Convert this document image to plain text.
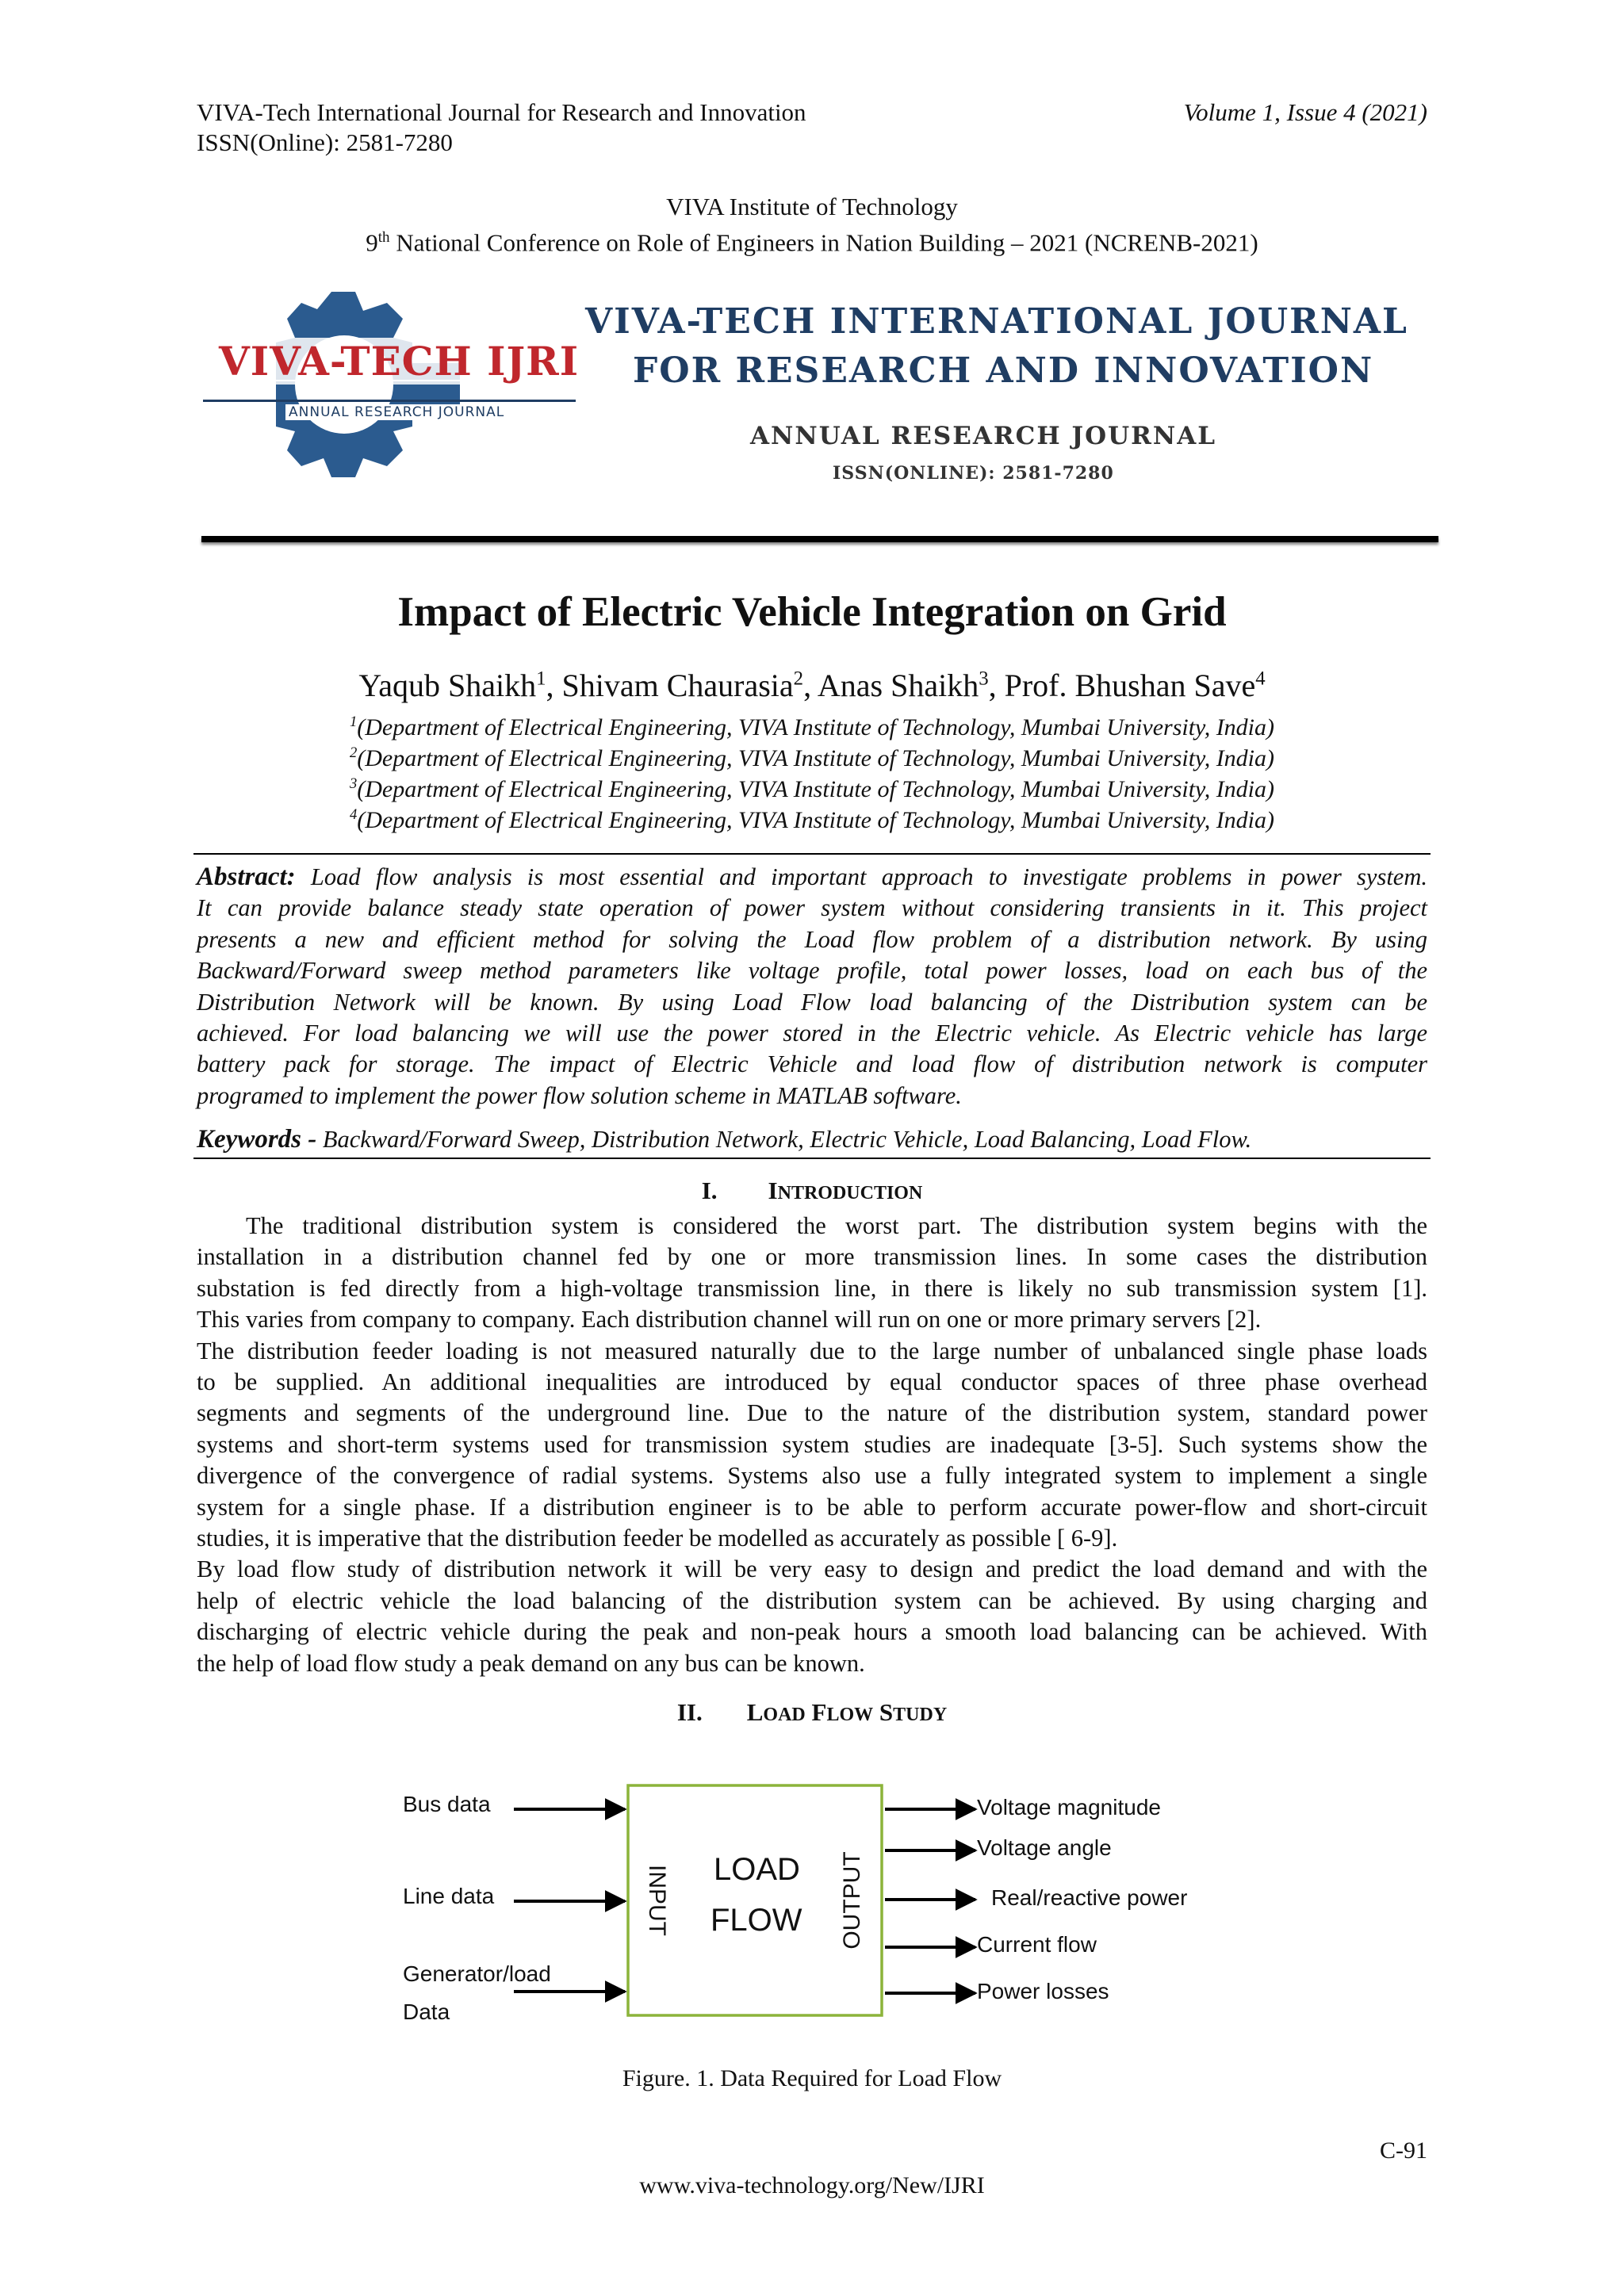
VIVA-Tech International Journal for Research and Innovation	Volume 1, Issue 4 (2021)
ISSN(Online): 2581-7280
VIVA Institute of Technology
9th National Conference on Role of Engineers in Nation Building – 2021 (NCRENB-2021)
VIVA-TECH IJRI
ANNUAL RESEARCH JOURNAL
VIVA-TECH INTERNATIONAL JOURNAL
FOR RESEARCH AND INNOVATION
ANNUAL RESEARCH JOURNAL
ISSN(ONLINE): 2581-7280
Impact of Electric Vehicle Integration on Grid
Yaqub Shaikh$^1$, Shivam Chaurasia$^2$, Anas Shaikh$^3$, Prof. Bhushan Save$^4$
$^1$(Department of Electrical Engineering, VIVA Institute of Technology, Mumbai University, India)
$^2$(Department of Electrical Engineering, VIVA Institute of Technology, Mumbai University, India)
$^3$(Department of Electrical Engineering, VIVA Institute of Technology, Mumbai University, India)
$^4$(Department of Electrical Engineering, VIVA Institute of Technology, Mumbai University, India)
Abstract: Load flow analysis is most essential and important approach to investigate problems in power system.
It can provide balance steady state operation of power system without considering transients in it. This project
presents a new and efficient method for solving the Load flow problem of a distribution network. By using
Backward/Forward sweep method parameters like voltage profile, total power losses, load on each bus of the
Distribution Network will be known. By using Load Flow load balancing of the Distribution system can be
achieved. For load balancing we will use the power stored in the Electric vehicle. As Electric vehicle has large
battery pack for storage. The impact of Electric Vehicle and load flow of distribution network is computer
programed to implement the power flow solution scheme in MATLAB software.
Keywords - Backward/Forward Sweep, Distribution Network, Electric Vehicle, Load Balancing, Load Flow.
I. INTRODUCTION
The traditional distribution system is considered the worst part. The distribution system begins with the
installation in a distribution channel fed by one or more transmission lines. In some cases the distribution
substation is fed directly from a high-voltage transmission line, in there is likely no sub transmission system [1].
This varies from company to company. Each distribution channel will run on one or more primary servers [2].
The distribution feeder loading is not measured naturally due to the large number of unbalanced single phase loads
to be supplied. An additional inequalities are introduced by equal conductor spaces of three phase overhead
segments and segments of the underground line. Due to the nature of the distribution system, standard power
systems and short-term systems used for transmission system studies are inadequate [3-5]. Such systems show the
divergence of the convergence of radial systems. Systems also use a fully integrated system to implement a single
system for a single phase. If a distribution engineer is to be able to perform accurate power-flow and short-circuit
studies, it is imperative that the distribution feeder be modelled as accurately as possible [ 6-9].
By load flow study of distribution network it will be very easy to design and predict the load demand and with the
help of electric vehicle the load balancing of the distribution system can be achieved. By using charging and
discharging of electric vehicle during the peak and non-peak hours a smooth load balancing can be achieved. With
the help of load flow study a peak demand on any bus can be known.
II. LOAD FLOW STUDY
Bus data
Line data
Generator/load
Data
LOAD
FLOW
INPUT	OUTPUT
Voltage magnitude
Voltage angle
Real/reactive power
Current flow
Power losses
Figure. 1. Data Required for Load Flow
C-91
www.viva-technology.org/New/IJRI
